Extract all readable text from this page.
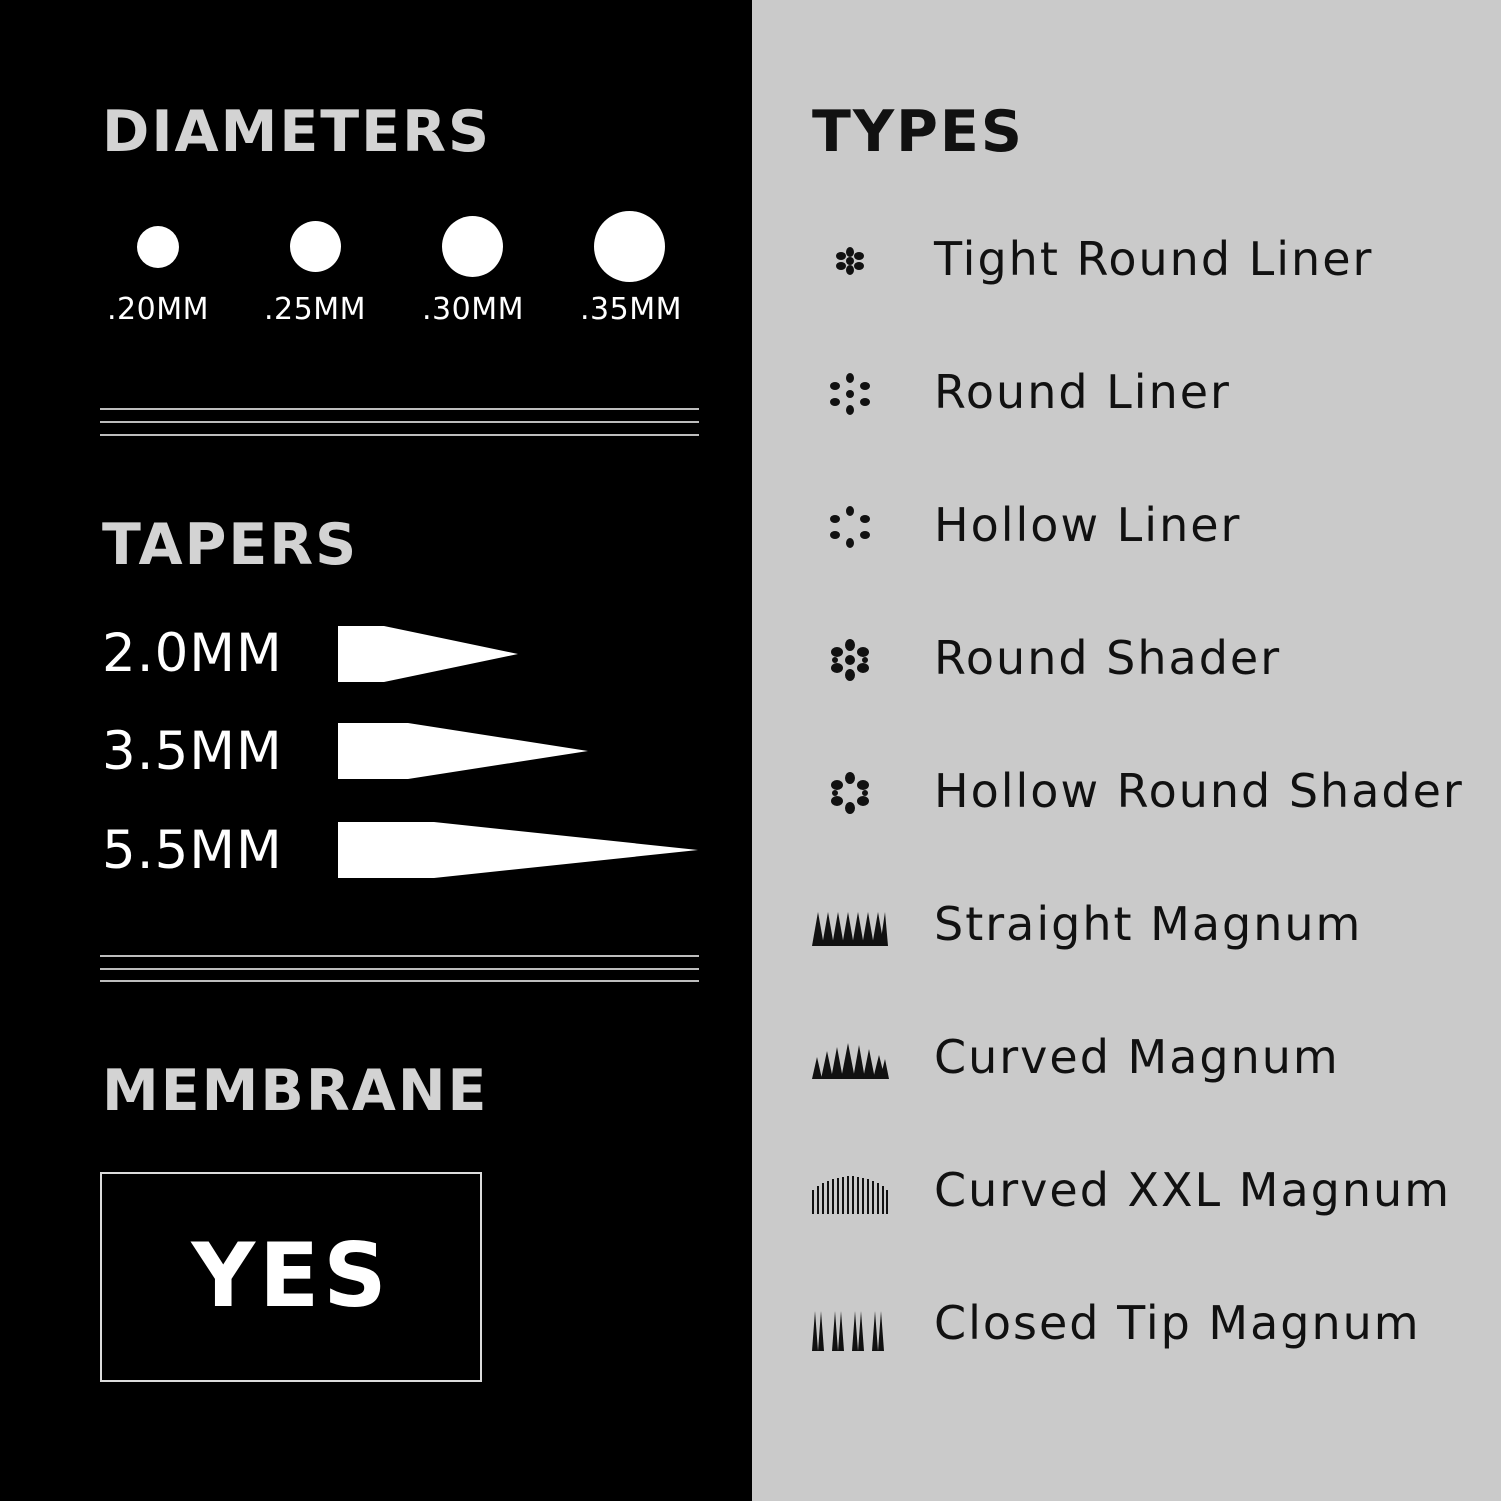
DIAMETERS
.20MM	.25MM	.30MM	.35MM
TAPERS
2.0MM
3.5MM
5.5MM
MEMBRANE
YES
TYPES
Tight Round Liner
Round Liner
Hollow Liner
Round Shader
Hollow Round Shader
Straight Magnum
Curved Magnum
Curved XXL Magnum
Closed Tip Magnum
